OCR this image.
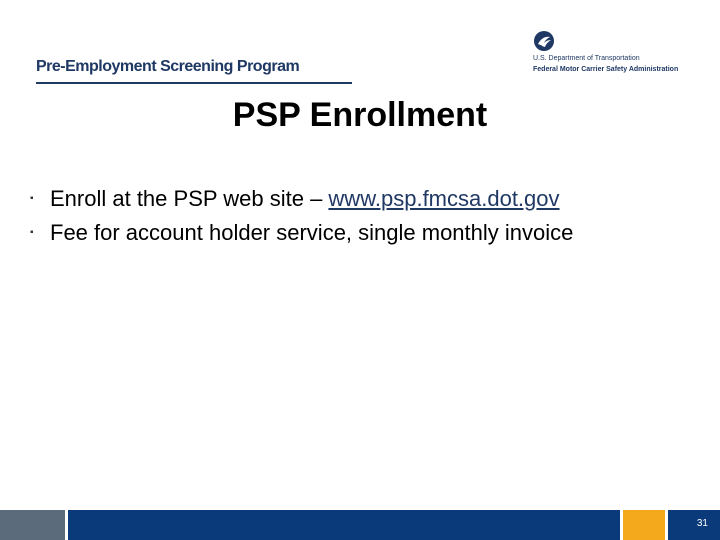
Pre-Employment Screening Program	U.S. Department of Transportation
Federal Motor Carrier Safety Administration
PSP Enrollment
▪ Enroll at the PSP web site – www.psp.fmcsa.dot.gov
▪ Fee for account holder service, single monthly invoice
31
